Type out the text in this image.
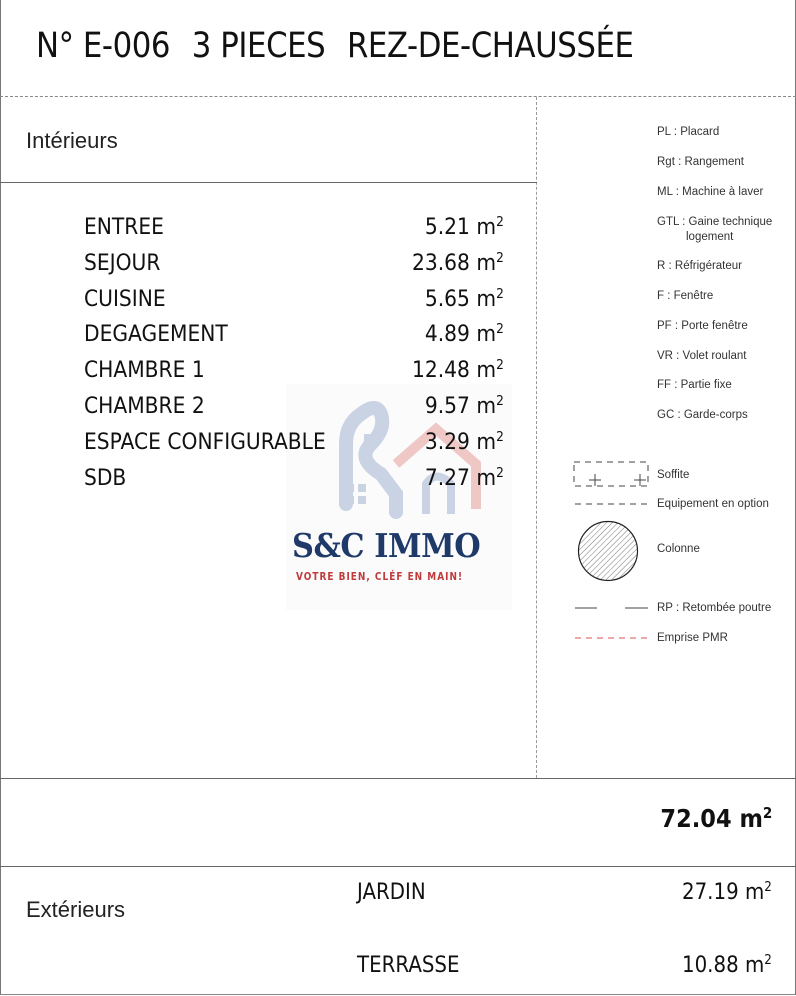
N° E-006 3 PIECES REZ-DE-CHAUSSÉE
Intérieurs
S&C IMMO
VOTRE BIEN, CLÉF EN MAIN!
ENTREE	5.21 $m^2$
SEJOUR	23.68 $m^2$
CUISINE	5.65 $m^2$
DEGAGEMENT	4.89 $m^2$
CHAMBRE 1	12.48 $m^2$
CHAMBRE 2	9.57 $m^2$
ESPACE CONFIGURABLE	3.29 $m^2$
SDB	7.27 $m^2$
PL : Placard
Rgt : Rangement
ML : Machine à laver
GTL : Gaine technique
logement
R : Réfrigérateur
F : Fenêtre
PF : Porte fenêtre
VR : Volet roulant
FF : Partie fixe
GC : Garde-corps
Soffite
Equipement en option
Colonne
RP : Retombée poutre
Emprise PMR
72.04 $m^2$
Extérieurs
JARDIN	27.19 $m^2$
TERRASSE	10.88 $m^2$
